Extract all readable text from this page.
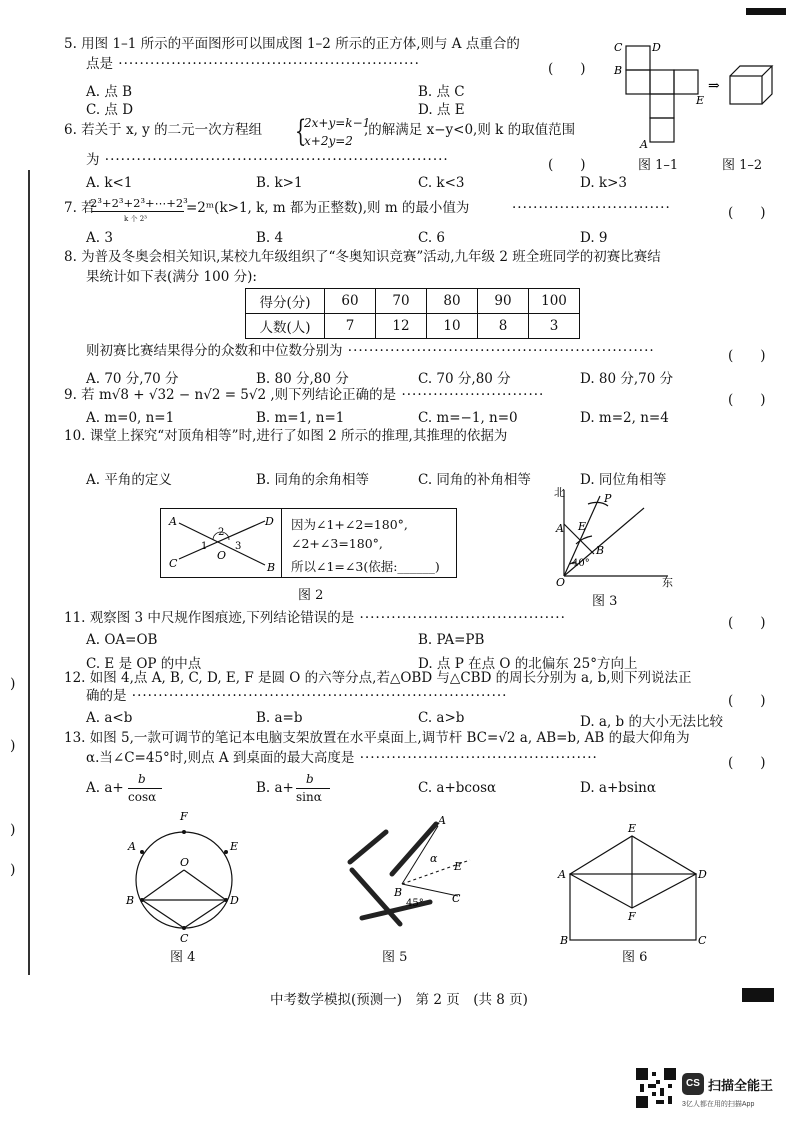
)
)
)
)
5. 用图 1–1 所示的平面图形可以围成图 1–2 所示的正方体,则与 A 点重合的
点是 ·························································	(　　)
A. 点 B	B. 点 C
C. 点 D	D. 点 E
C	D
B
E
A
⇒
图 1–1	图 1–2
6. 若关于 x, y 的二元一次方程组 {
2x+y=k−1
x+2y=2
,的解满足 x−y<0,则 k 的取值范围
为 ·································································	(　　)
A. k<1	B. k>1	C. k<3	D. k>3
7. 若
2³+2³+2³+⋯+2³
k 个 2³
=2ᵐ(k>1, k, m 都为正整数),则 m 的最小值为	······························	(　　)
A. 3	B. 4	C. 6	D. 9
8. 为普及冬奥会相关知识,某校九年级组织了“冬奥知识竞赛”活动,九年级 2 班全班同学的初赛比赛结
果统计如下表(满分 100 分):
得分(分)	60	70	80	90	100
人数(人)	7	12	10	8	3
则初赛比赛结果得分的众数和中位数分别为 ··························································	(　　)
A. 70 分,70 分	B. 80 分,80 分	C. 70 分,80 分	D. 80 分,70 分
9. 若 m√8 + √32 − n√2 = 5√2 ,则下列结论正确的是 ···························	(　　)
A. m=0, n=1	B. m=1, n=1	C. m=−1, n=0	D. m=2, n=4
10. 课堂上探究“对顶角相等”时,进行了如图 2 所示的推理,其推理的依据为
A. 平角的定义	B. 同角的余角相等	C. 同角的补角相等	D. 同位角相等
A	D
C	B
O
1
2
3
因为∠1+∠2=180°,
∠2+∠3=180°,
所以∠1=∠3(依据:______)
图 2
北
东
P
A E
B
O
40°
图 3
11. 观察图 3 中尺规作图痕迹,下列结论错误的是 ·······································	(　　)
A. OA=OB	B. PA=PB
C. E 是 OP 的中点	D. 点 P 在点 O 的北偏东 25°方向上
12. 如图 4,点 A, B, C, D, E, F 是圆 O 的六等分点,若△OBD 与△CBD 的周长分别为 a, b,则下列说法正
确的是 ·······································································	(　　)
A. a<b	B. a=b	C. a>b	D. a, b 的大小无法比较
13. 如图 5,一款可调节的笔记本电脑支架放置在水平桌面上,调节杆 BC=√2 a, AB=b, AB 的最大仰角为
α.当∠C=45°时,则点 A 到桌面的最大高度是 ·············································	(　　)
A. a+
b
cosα
B. a+
b
sinα
C. a+bcosα	D. a+bsinα
F
A	E
O
B	D
C
图 4
A
α
E
B	C
45°
图 5
E
A	D
F
B	C
图 6
中考数学模拟(预测一)　第 2 页　(共 8 页)
CS 扫描全能王
3亿人都在用的扫描App
